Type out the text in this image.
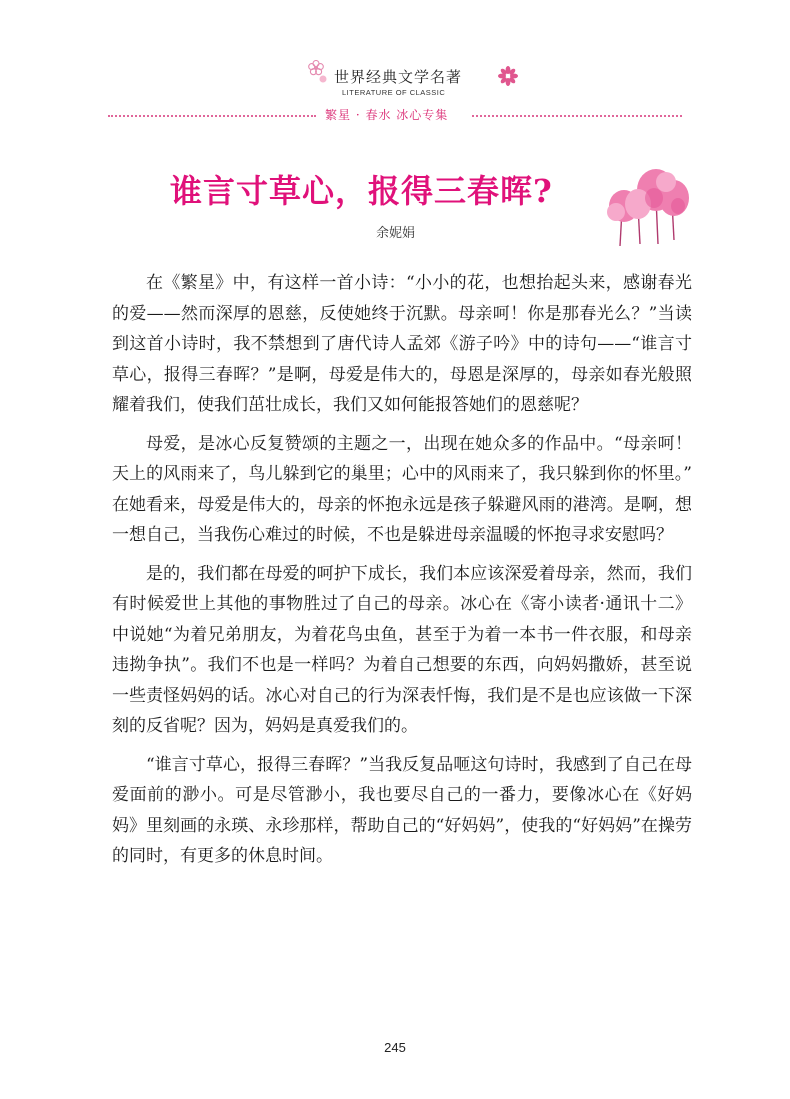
世界经典文学名著
LITERATURE OF CLASSIC
繁星 · 春水 冰心专集
谁言寸草心，报得三春晖?
余妮娟

在《繁星》中，有这样一首小诗：“小小的花，也想抬起头来，感谢春光的爱——然而深厚的恩慈，反使她终于沉默。母亲呵！你是那春光么？”当读到这首小诗时，我不禁想到了唐代诗人孟郊《游子吟》中的诗句——“谁言寸草心，报得三春晖？”是啊，母爱是伟大的，母恩是深厚的，母亲如春光般照耀着我们，使我们茁壮成长，我们又如何能报答她们的恩慈呢？

母爱，是冰心反复赞颂的主题之一，出现在她众多的作品中。“母亲呵！天上的风雨来了，鸟儿躲到它的巢里；心中的风雨来了，我只躲到你的怀里。” 在她看来，母爱是伟大的，母亲的怀抱永远是孩子躲避风雨的港湾。是啊，想一想自己，当我伤心难过的时候，不也是躲进母亲温暖的怀抱寻求安慰吗？

是的，我们都在母爱的呵护下成长，我们本应该深爱着母亲，然而，我们有时候爱世上其他的事物胜过了自己的母亲。冰心在《寄小读者·通讯十二》中说她“为着兄弟朋友，为着花鸟虫鱼，甚至于为着一本书一件衣服，和母亲违拗争执”。我们不也是一样吗？为着自己想要的东西，向妈妈撒娇，甚至说一些责怪妈妈的话。冰心对自己的行为深表忏悔，我们是不是也应该做一下深刻的反省呢？因为，妈妈是真爱我们的。

“谁言寸草心，报得三春晖？”当我反复品咂这句诗时，我感到了自己在母爱面前的渺小。可是尽管渺小，我也要尽自己的一番力，要像冰心在《好妈妈》里刻画的永瑛、永珍那样，帮助自己的“好妈妈”，使我的“好妈妈”在操劳的同时，有更多的休息时间。

245
